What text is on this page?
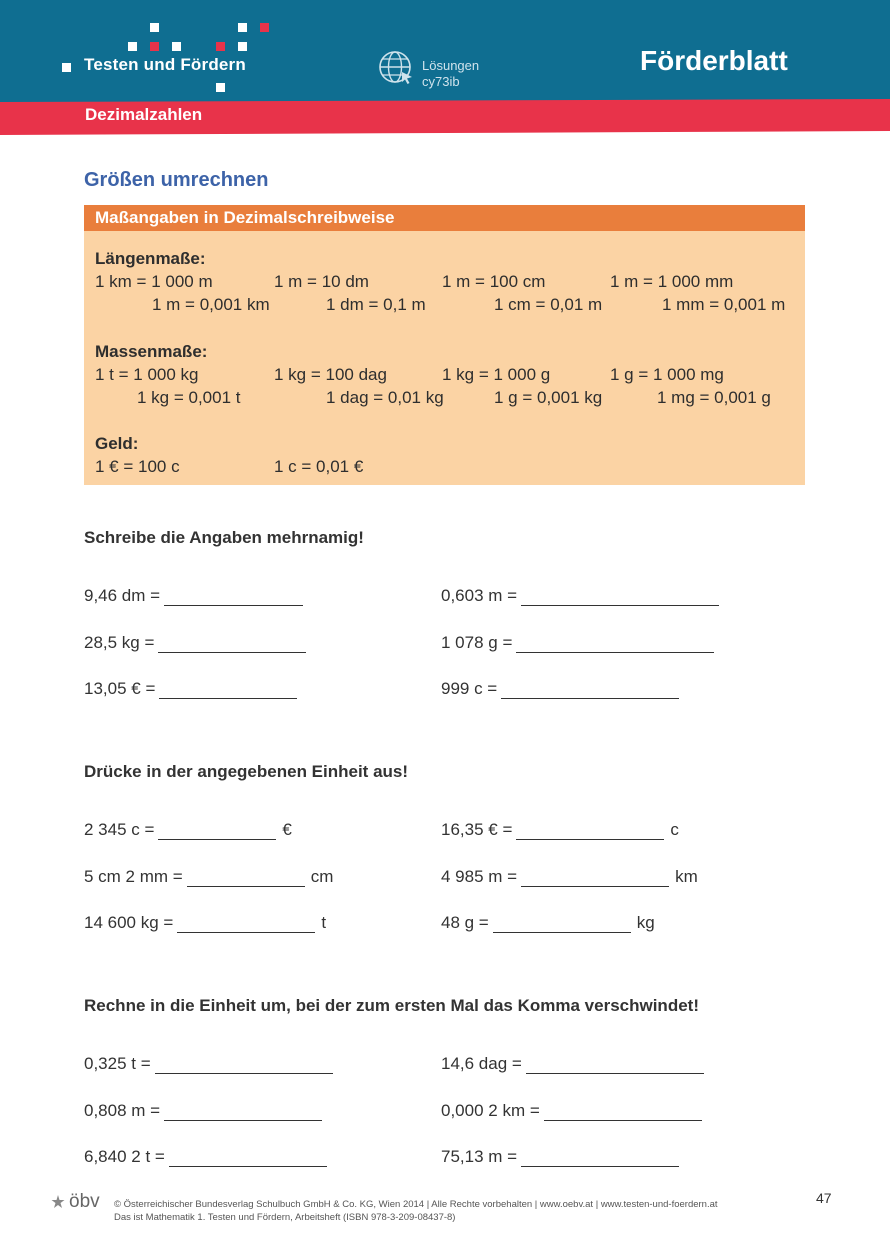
Testen und Fördern	Lösungen
cy73ib
Förderblatt
Dezimalzahlen
Größen umrechnen
Maßangaben in Dezimalschreibweise
Längenmaße:
1 km = 1 000 m	1 m = 10 dm	1 m = 100 cm	1 m = 1 000 mm
1 m = 0,001 km	1 dm = 0,1 m	1 cm = 0,01 m	1 mm = 0,001 m
Massenmaße:
1 t = 1 000 kg	1 kg = 100 dag	1 kg = 1 000 g	1 g = 1 000 mg
1 kg = 0,001 t	1 dag = 0,01 kg	1 g = 0,001 kg	1 mg = 0,001 g
Geld:
1 € = 100 c	1 c = 0,01 €
Schreibe die Angaben mehrnamig!
9,46 dm =	0,603 m =
28,5 kg =	1 078 g =
13,05 € =	999 c =
Drücke in der angegebenen Einheit aus!
2 345 c =	€	16,35 € =	c
5 cm 2 mm =	cm	4 985 m =	km
14 600 kg =	t	48 g =	kg
Rechne in die Einheit um, bei der zum ersten Mal das Komma verschwindet!
0,325 t =	14,6 dag =
0,808 m =	0,000 2 km =
6,840 2 t =	75,13 m =
öbv © Österreichischer Bundesverlag Schulbuch GmbH & Co. KG, Wien 2014 | Alle Rechte vorbehalten | www.oebv.at | www.testen-und-foerdern.at
Das ist Mathematik 1. Testen und Fördern, Arbeitsheft (ISBN 978-3-209-08437-8)
47
